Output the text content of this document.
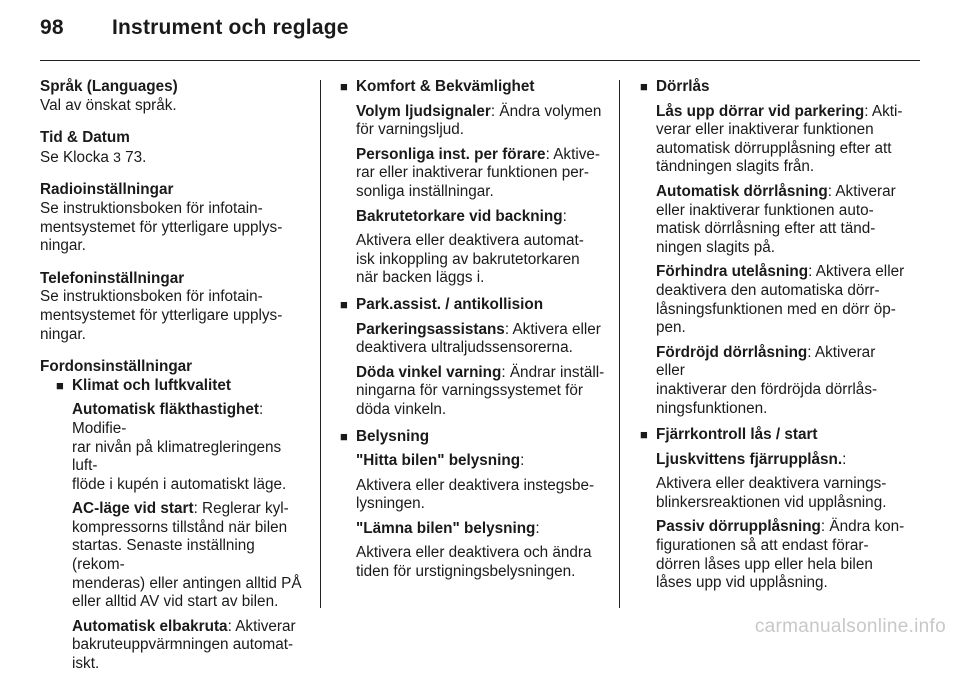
98 Instrument och reglage
Språk (Languages)
Val av önskat språk.
Tid & Datum
Se Klocka 3 73.
Radioinställningar
Se instruktionsboken för infotain-
mentsystemet för ytterligare upplys-
ningar.
Telefoninställningar
Se instruktionsboken för infotain-
mentsystemet för ytterligare upplys-
ningar.
Fordonsinställningar
■ Klimat och luftkvalitet
Automatisk fläkthastighet: Modifie-
rar nivån på klimatregleringens luft-
flöde i kupén i automatiskt läge.
AC-läge vid start: Reglerar kyl-
kompressorns tillstånd när bilen
startas. Senaste inställning (rekom-
menderas) eller antingen alltid PÅ
eller alltid AV vid start av bilen.
Automatisk elbakruta: Aktiverar
bakruteuppvärmningen automat-
iskt.
■ Komfort & Bekvämlighet
Volym ljudsignaler: Ändra volymen
för varningsljud.
Personliga inst. per förare: Aktive-
rar eller inaktiverar funktionen per-
sonliga inställningar.
Bakrutetorkare vid backning:
Aktivera eller deaktivera automat-
isk inkoppling av bakrutetorkaren
när backen läggs i.
■ Park.assist. / antikollision
Parkeringsassistans: Aktivera eller
deaktivera ultraljudssensorerna.
Döda vinkel varning: Ändrar inställ-
ningarna för varningssystemet för
döda vinkeln.
■ Belysning
"Hitta bilen" belysning:
Aktivera eller deaktivera instegsbe-
lysningen.
"Lämna bilen" belysning:
Aktivera eller deaktivera och ändra
tiden för urstigningsbelysningen.
■ Dörrlås
Lås upp dörrar vid parkering: Akti-
verar eller inaktiverar funktionen
automatisk dörrupplåsning efter att
tändningen slagits från.
Automatisk dörrlåsning: Aktiverar
eller inaktiverar funktionen auto-
matisk dörrlåsning efter att tänd-
ningen slagits på.
Förhindra utelåsning: Aktivera eller
deaktivera den automatiska dörr-
låsningsfunktionen med en dörr öp-
pen.
Fördröjd dörrlåsning: Aktiverar eller
inaktiverar den fördröjda dörrlås-
ningsfunktionen.
■ Fjärrkontroll lås / start
Ljuskvittens fjärrupplåsn.:
Aktivera eller deaktivera varnings-
blinkersreaktionen vid upplåsning.
Passiv dörrupplåsning: Ändra kon-
figurationen så att endast förar-
dörren låses upp eller hela bilen
låses upp vid upplåsning.
carmanualsonline.info
